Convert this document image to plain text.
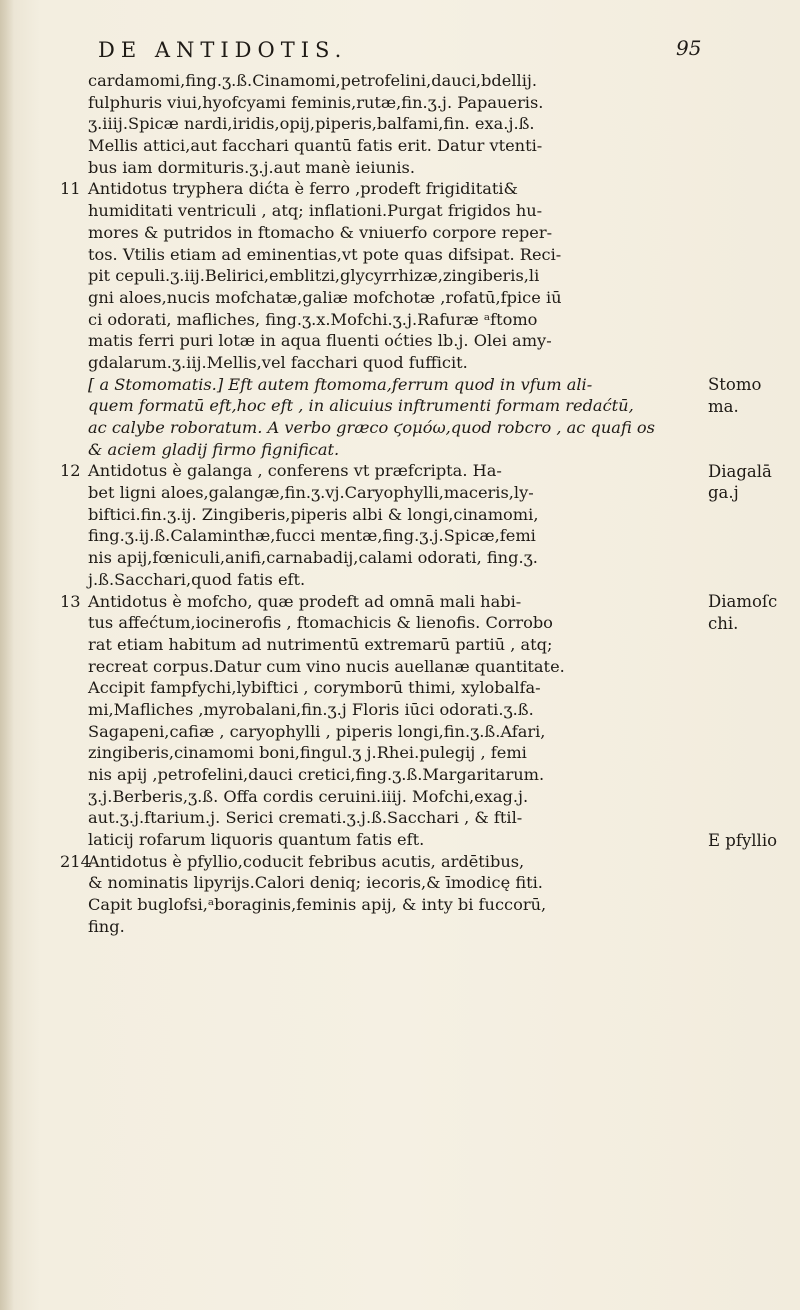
DE ANTIDOTIS.	95
cardamomi,fing.ʒ.ß.Cinamomi,petrofelini,dauci,bdellij.
fulphuris viui,hyofcyami feminis,rutæ,fin.ʒ.j. Papaueris.
ʒ.iiij.Spicæ nardi,iridis,opij,piperis,balfami,fin. exa.j.ß.
Mellis attici,aut facchari quantū fatis erit. Datur vtenti-
bus iam dormituris.ʒ.j.aut manè ieiunis.
11 Antidotus tryphera dićta è ferro ,prodeft frigiditati&
humiditati ventriculi , atq; inflationi.Purgat frigidos hu-
mores & putridos in ftomacho & vniuerfo corpore reper-
tos. Vtilis etiam ad eminentias,vt pote quas difsipat. Reci-
pit cepuli.ʒ.iij.Belirici,emblitzi,glycyrrhizæ,zingiberis,li
gni aloes,nucis mofchatæ,galiæ mofchotæ ,rofatū,fpice iū
ci odorati, mafliches, fing.ʒ.x.Mofchi.ʒ.j.Rafuræ ᵃftomo
matis ferri puri lotæ in aqua fluenti oćties lb.j. Olei amy-
gdalarum.ʒ.iij.Mellis,vel facchari quod fufficit.
[ a Stomomatis.] Eft autem ftomoma,ferrum quod in vfum ali-
quem formatū eft,hoc eft , in alicuius inftrumenti formam redaćtū,
ac calybe roboratum. A verbo græco ϛομόω,quod robcro , ac quafi os
& aciem gladij firmo fignificat.
12 Antidotus è galanga , conferens vt præfcripta. Ha-
bet ligni aloes,galangæ,fin.ʒ.vj.Caryophylli,maceris,ly-
biftici.fin.ʒ.ij. Zingiberis,piperis albi & longi,cinamomi,
fing.ʒ.ij.ß.Calaminthæ,fucci mentæ,fing.ʒ.j.Spicæ,femi
nis apij,fœniculi,anifi,carnabadij,calami odorati, fing.ʒ.
j.ß.Sacchari,quod fatis eft.
13 Antidotus è mofcho, quæ prodeft ad omnā mali habi-
tus affećtum,iocinerofis , ftomachicis & lienofis. Corrobo
rat etiam habitum ad nutrimentū extremarū partiū , atq;
recreat corpus.Datur cum vino nucis auellanæ quantitate.
Accipit fampfychi,lybiftici , corymborū thimi, xylobalfa-
mi,Mafliches ,myrobalani,fin.ʒ.j Floris iūci odorati.ʒ.ß.
Sagapeni,cafiæ , caryophylli , piperis longi,fin.ʒ.ß.Afari,
zingiberis,cinamomi boni,fingul.ʒ j.Rhei.pulegij , femi
nis apij ,petrofelini,dauci cretici,fing.ʒ.ß.Margaritarum.
ʒ.j.Berberis,ʒ.ß. Offa cordis ceruini.iiij. Mofchi,exag.j.
aut.ʒ.j.ftarium.j. Serici cremati.ʒ.j.ß.Sacchari , & ftil-
laticij rofarum liquoris quantum fatis eft.
214Antidotus è pfyllio,coducit febribus acutis, ardētibus,
& nominatis lipyrijs.Calori deniq; iecoris,& īmodicę fiti.
Capit buglofsi,ᵃboraginis,feminis apij, & inty bi fuccorū,
fing.
Stomo
ma.
Diagalā
ga.j
Diamoſc
chi.
E pfyllio
